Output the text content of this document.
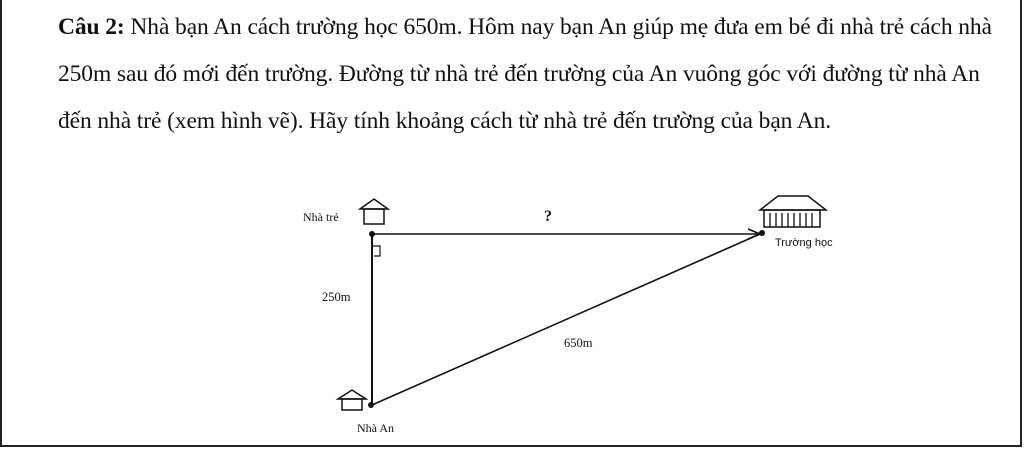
Câu 2: Nhà bạn An cách trường học 650m. Hôm nay bạn An giúp mẹ đưa em bé đi nhà trẻ cách nhà 250m sau đó mới đến trường. Đường từ nhà trẻ đến trường của An vuông góc với đường từ nhà An đến nhà trẻ (xem hình vẽ). Hãy tính khoảng cách từ nhà trẻ đến trường của bạn An.
Nhà trẻ	?
Trường học
250m
650m
Nhà An
